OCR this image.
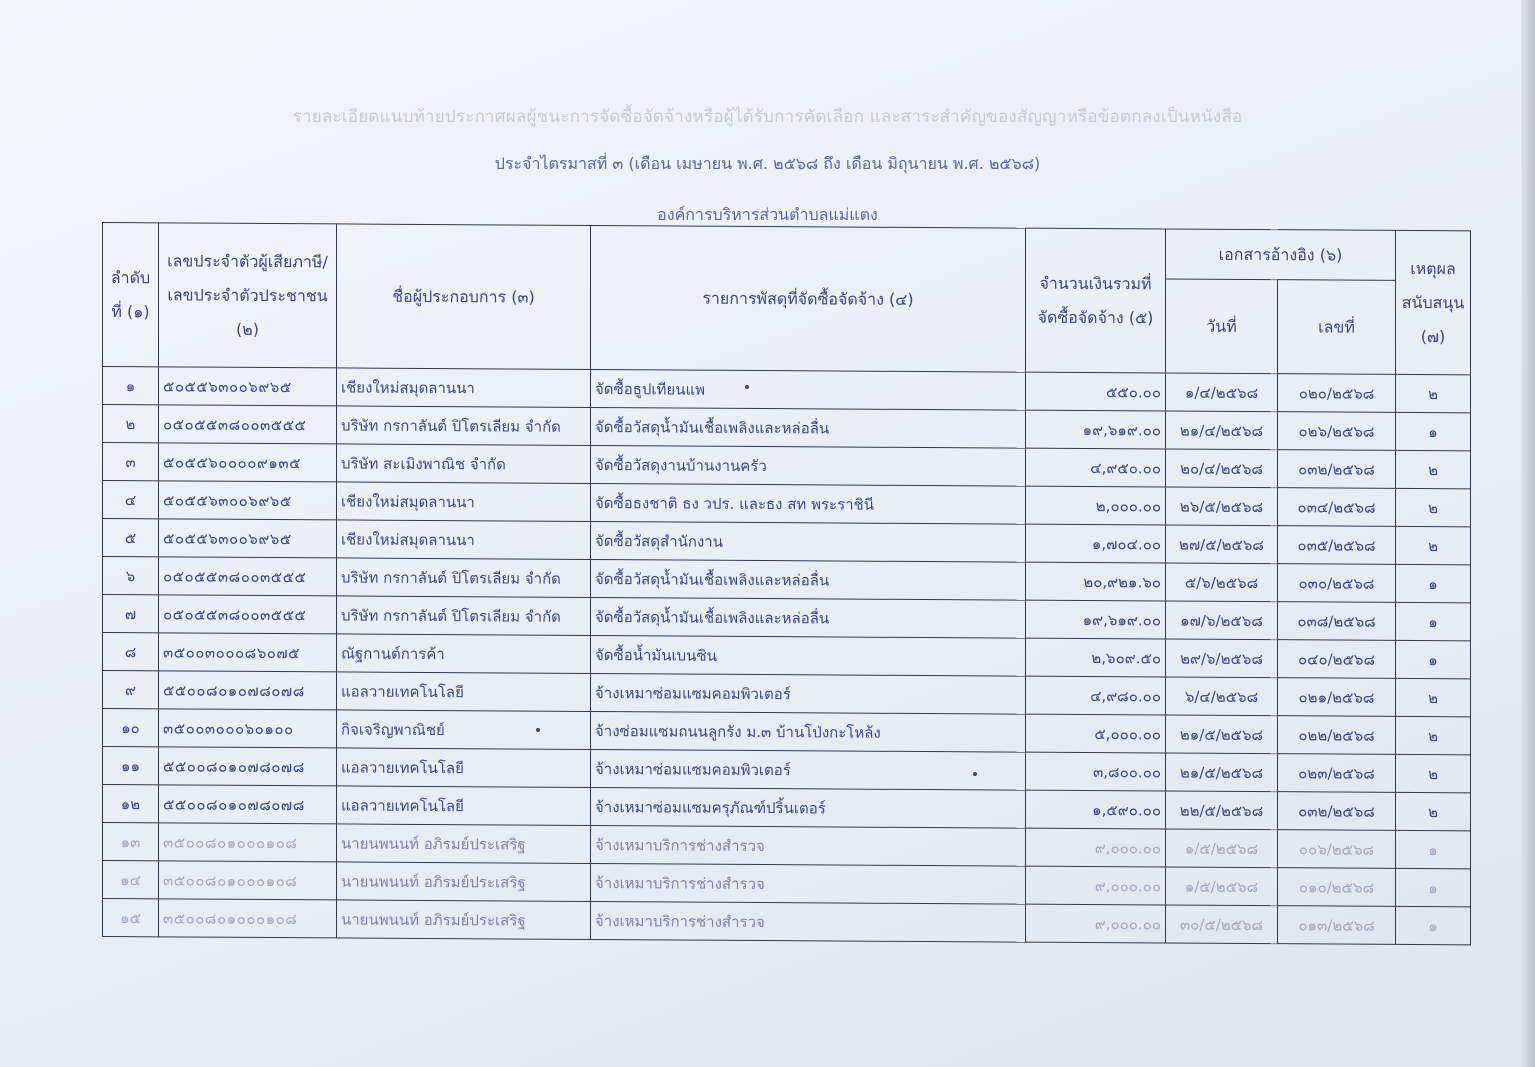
รายละเอียดแนบท้ายประกาศผลผู้ชนะการจัดซื้อจัดจ้างหรือผู้ได้รับการคัดเลือก และสาระสำคัญของสัญญาหรือข้อตกลงเป็นหนังสือ
ประจำไตรมาสที่ ๓ (เดือน เมษายน พ.ศ. ๒๕๖๘ ถึง เดือน มิถุนายน พ.ศ. ๒๕๖๘)
องค์การบริหารส่วนตำบลแม่แตง
ลำดับที่ (๑)	เลขประจำตัวผู้เสียภาษี/เลขประจำตัวประชาชน (๒)	ชื่อผู้ประกอบการ (๓)	รายการพัสดุที่จัดซื้อจัดจ้าง (๔)	จำนวนเงินรวมที่จัดซื้อจัดจ้าง (๕)	เอกสารอ้างอิง (๖)		เหตุผลสนับสนุน (๗)
					วันที่	เลขที่	
๑	๕๐๕๕๖๓๐๐๖๙๖๕	เชียงใหม่สมุดลานนา	จัดซื้อธูปเทียนแพ	๕๕๐.๐๐	๑/๔/๒๕๖๘	๐๒๐/๒๕๖๘	๒
๒	๐๕๐๕๕๓๘๐๐๓๕๕๕	บริษัท กรกาลันต์ ปิโตรเลียม จำกัด	จัดซื้อวัสดุน้ำมันเชื้อเพลิงและหล่อลื่น	๑๙,๖๑๙.๐๐	๒๑/๔/๒๕๖๘	๐๒๖/๒๕๖๘	๑
๓	๕๐๕๕๖๐๐๐๐๙๑๓๕	บริษัท สะเมิงพาณิช จำกัด	จัดซื้อวัสดุงานบ้านงานครัว	๔,๙๕๐.๐๐	๒๐/๔/๒๕๖๘	๐๓๒/๒๕๖๘	๒
๔	๕๐๕๕๖๓๐๐๖๙๖๕	เชียงใหม่สมุดลานนา	จัดซื้อธงชาติ ธง วปร. และธง สท พระราชินี	๒,๐๐๐.๐๐	๒๖/๕/๒๕๖๘	๐๓๔/๒๕๖๘	๒
๕	๕๐๕๕๖๓๐๐๖๙๖๕	เชียงใหม่สมุดลานนา	จัดซื้อวัสดุสำนักงาน	๑,๗๐๔.๐๐	๒๗/๕/๒๕๖๘	๐๓๕/๒๕๖๘	๒
๖	๐๕๐๕๕๓๘๐๐๓๕๕๕	บริษัท กรกาลันต์ ปิโตรเลียม จำกัด	จัดซื้อวัสดุน้ำมันเชื้อเพลิงและหล่อลื่น	๒๐,๙๒๑.๖๐	๕/๖/๒๕๖๘	๐๓๐/๒๕๖๘	๑
๗	๐๕๐๕๕๓๘๐๐๓๕๕๕	บริษัท กรกาลันต์ ปิโตรเลียม จำกัด	จัดซื้อวัสดุน้ำมันเชื้อเพลิงและหล่อลื่น	๑๙,๖๑๙.๐๐	๑๗/๖/๒๕๖๘	๐๓๘/๒๕๖๘	๑
๘	๓๕๐๐๓๐๐๐๘๖๐๗๕	ณัฐกานต์การค้า	จัดซื้อน้ำมันเบนซิน	๒,๖๐๙.๕๐	๒๙/๖/๒๕๖๘	๐๔๐/๒๕๖๘	๑
๙	๕๕๐๐๘๐๑๐๗๘๐๗๘	แอลวายเทคโนโลยี	จ้างเหมาซ่อมแซมคอมพิวเตอร์	๔,๙๘๐.๐๐	๖/๔/๒๕๖๘	๐๒๑/๒๕๖๘	๒
๑๐	๓๕๐๐๓๐๐๐๖๐๑๐๐	กิจเจริญพาณิชย์	จ้างซ่อมแซมถนนลูกรัง ม.๓ บ้านโป่งกะโหล้ง	๕,๐๐๐.๐๐	๒๑/๕/๒๕๖๘	๐๒๒/๒๕๖๘	๒
๑๑	๕๕๐๐๘๐๑๐๗๘๐๗๘	แอลวายเทคโนโลยี	จ้างเหมาซ่อมแซมคอมพิวเตอร์	๓,๘๐๐.๐๐	๒๑/๕/๒๕๖๘	๐๒๓/๒๕๖๘	๒
๑๒	๕๕๐๐๘๐๑๐๗๘๐๗๘	แอลวายเทคโนโลยี	จ้างเหมาซ่อมแซมครุภัณฑ์ปริ้นเตอร์	๑,๕๙๐.๐๐	๒๒/๕/๒๕๖๘	๐๓๒/๒๕๖๘	๒
๑๓	๓๕๐๐๘๐๑๐๐๐๑๐๘	นายนพนนท์ อภิรมย์ประเสริฐ	จ้างเหมาบริการช่างสำรวจ	๙,๐๐๐.๐๐	๑/๕/๒๕๖๘	๐๐๖/๒๕๖๘	๑
๑๔	๓๕๐๐๘๐๑๐๐๐๑๐๘	นายนพนนท์ อภิรมย์ประเสริฐ	จ้างเหมาบริการช่างสำรวจ	๙,๐๐๐.๐๐	๑/๕/๒๕๖๘	๐๑๐/๒๕๖๘	๑
๑๕	๓๕๐๐๘๐๑๐๐๐๑๐๘	นายนพนนท์ อภิรมย์ประเสริฐ	จ้างเหมาบริการช่างสำรวจ	๙,๐๐๐.๐๐	๓๐/๕/๒๕๖๘	๐๑๓/๒๕๖๘	๑
